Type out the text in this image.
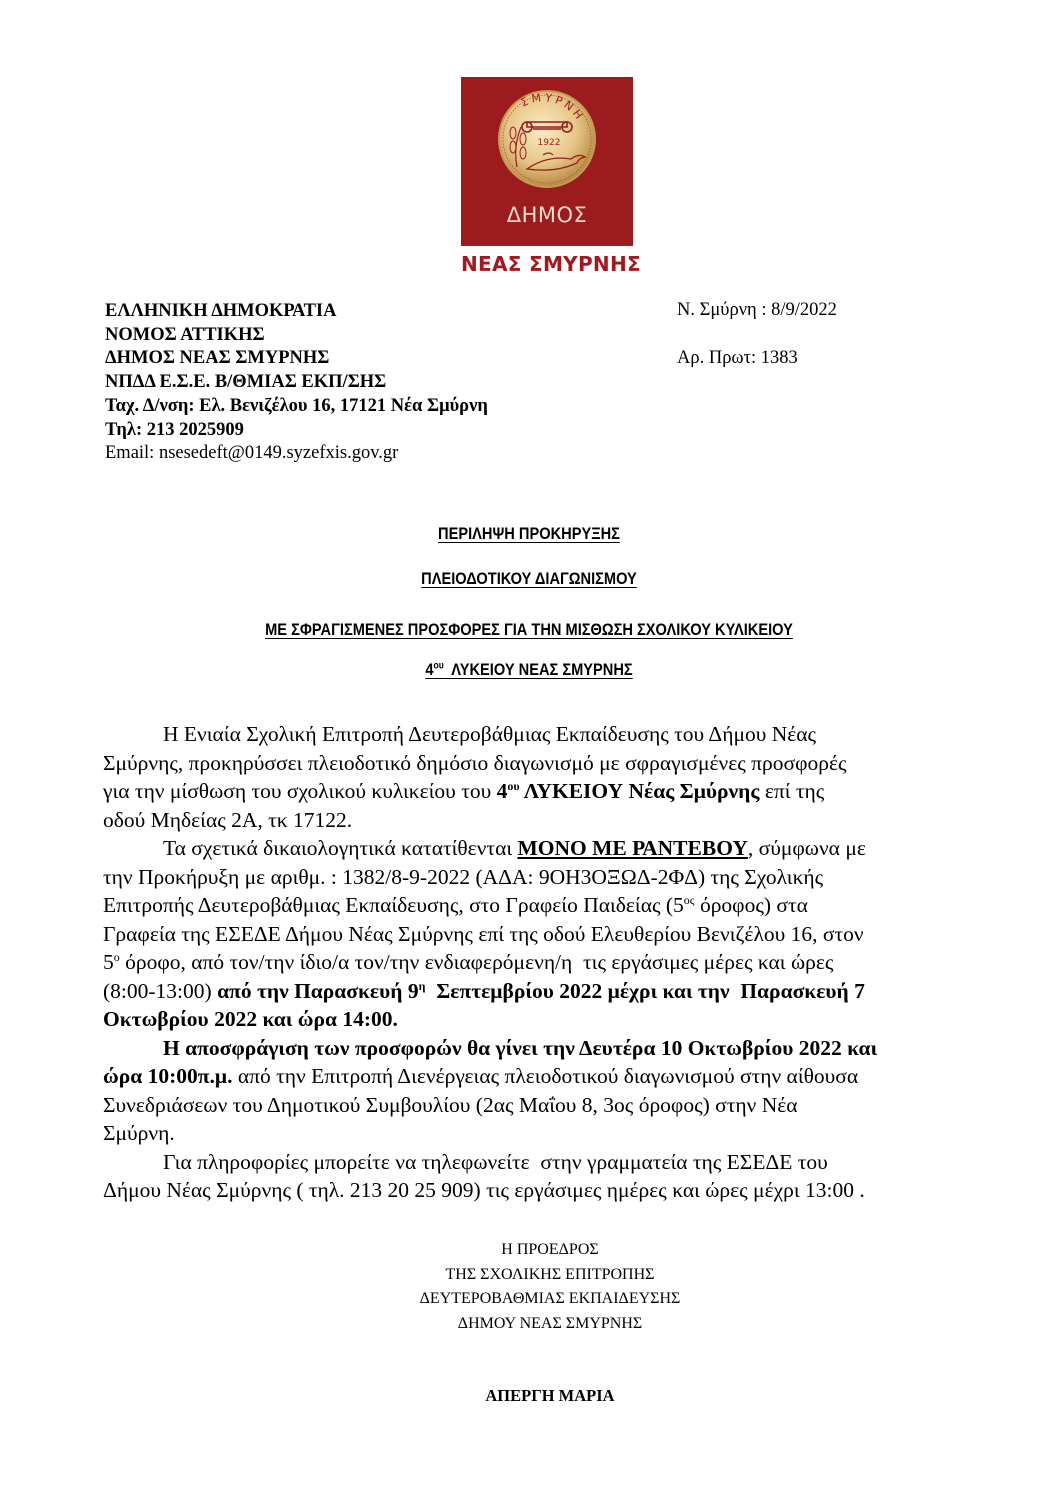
1922
ΣΜΥΡΝΗ
ΔΗΜΟΣ
ΝΕΑΣ ΣΜΥΡΝΗΣ
ΕΛΛΗΝΙΚΗ ΔΗΜΟΚΡΑΤΙΑ
ΝΟΜΟΣ ΑΤΤΙΚΗΣ
ΔΗΜΟΣ ΝΕΑΣ ΣΜΥΡΝΗΣ
ΝΠΔΔ Ε.Σ.Ε. Β/ΘΜΙΑΣ ΕΚΠ/ΣΗΣ
Ταχ. Δ/νση: Ελ. Βενιζέλου 16, 17121 Νέα Σμύρνη
Τηλ: 213 2025909
Email: nsesedeft@0149.syzefxis.gov.gr
Ν. Σμύρνη : 8/9/2022
Αρ. Πρωτ: 1383
ΠΕΡΙΛΗΨΗ ΠΡΟΚΗΡΥΞΗΣ
ΠΛΕΙΟΔΟΤΙΚΟΥ ΔΙΑΓΩΝΙΣΜΟΥ
ΜΕ ΣΦΡΑΓΙΣΜΕΝΕΣ ΠΡΟΣΦΟΡΕΣ ΓΙΑ ΤΗΝ ΜΙΣΘΩΣΗ ΣΧΟΛΙΚΟΥ ΚΥΛΙΚΕΙΟΥ
$4^{o\upsilon}$  ΛΥΚΕΙΟΥ ΝΕΑΣ ΣΜΥΡΝΗΣ

Η Ενιαία Σχολική Επιτροπή Δευτεροβάθμιας Εκπαίδευσης του Δήμου Νέας
Σμύρνης, προκηρύσσει πλειοδοτικό δημόσιο διαγωνισμό με σφραγισμένες προσφορές
για την μίσθωση του σχολικού κυλικείου του $4^{o\upsilon}$ ΛΥΚΕΙΟΥ Νέας Σμύρνης επί της
οδού Μηδείας 2Α, τκ 17122.

Τα σχετικά δικαιολογητικά κατατίθενται ΜΟΝΟ ΜΕ ΡΑΝΤΕΒΟΥ, σύμφωνα με
την Προκήρυξη με αριθμ. : 1382/8-9-2022 (ΑΔΑ: 9ΟΗ3ΟΞΩΔ-2ΦΔ) της Σχολικής
Επιτροπής Δευτεροβάθμιας Εκπαίδευσης, στο Γραφείο Παιδείας ($5^{o\varsigma}$ όροφος) στα
Γραφεία της ΕΣΕΔΕ Δήμου Νέας Σμύρνης επί της οδού Ελευθερίου Βενιζέλου 16, στον
$5^o$ όροφο, από τον/την ίδιο/α τον/την ενδιαφερόμενη/η  τις εργάσιμες μέρες και ώρες
(8:00-13:00) από την Παρασκευή $9^\eta$  Σεπτεμβρίου 2022 μέχρι και την  Παρασκευή 7
Οκτωβρίου 2022 και ώρα 14:00.

Η αποσφράγιση των προσφορών θα γίνει την Δευτέρα 10 Οκτωβρίου 2022 και
ώρα 10:00π.μ. από την Επιτροπή Διενέργειας πλειοδοτικού διαγωνισμού στην αίθουσα
Συνεδριάσεων του Δημοτικού Συμβουλίου (2ας Μαΐου 8, 3ος όροφος) στην Νέα
Σμύρνη.

Για πληροφορίες μπορείτε να τηλεφωνείτε  στην γραμματεία της ΕΣΕΔΕ του
Δήμου Νέας Σμύρνης ( τηλ. 213 20 25 909) τις εργάσιμες ημέρες και ώρες μέχρι 13:00 .

Η ΠΡΟΕΔΡΟΣ
ΤΗΣ ΣΧΟΛΙΚΗΣ ΕΠΙΤΡΟΠΗΣ
ΔΕΥΤΕΡΟΒΑΘΜΙΑΣ ΕΚΠΑΙΔΕΥΣΗΣ
ΔΗΜΟΥ ΝΕΑΣ ΣΜΥΡΝΗΣ
ΑΠΕΡΓΗ ΜΑΡΙΑ
